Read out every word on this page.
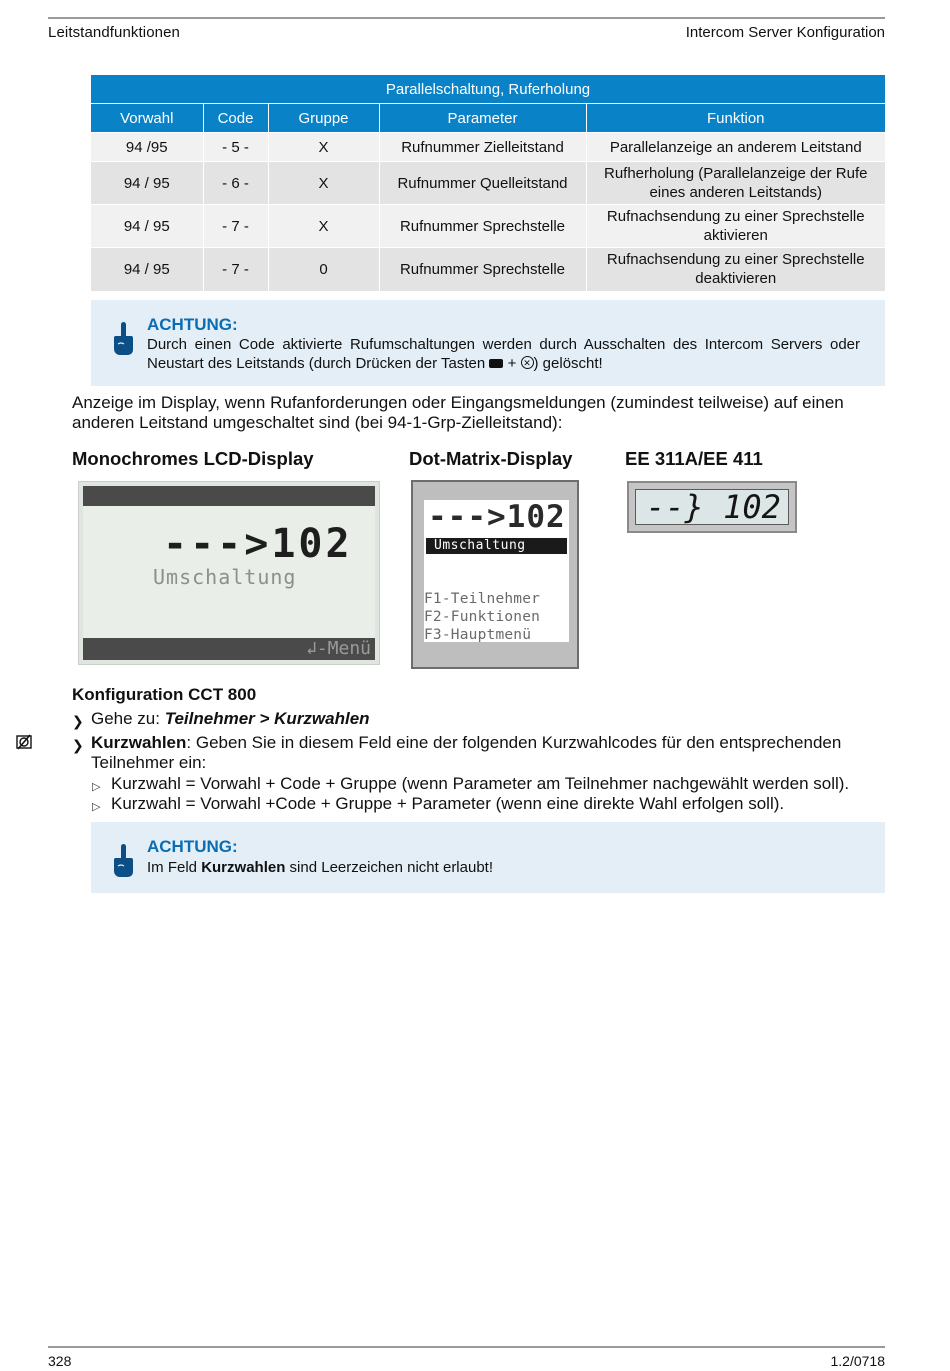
Leitstandfunktionen	Intercom Server Konfiguration
Parallelschaltung, Ruferholung				
Vorwahl	Code	Gruppe	Parameter	Funktion
94 /95	- 5 -	X	Rufnummer Zielleitstand	Parallelanzeige an anderem Leitstand
94 / 95	- 6 -	X	Rufnummer Quelleitstand	Rufherholung (Parallelanzeige der Rufe eines anderen Leitstands)
94 / 95	- 7 -	X	Rufnummer Sprechstelle	Rufnachsendung zu einer Sprechstelle aktivieren
94 / 95	- 7 -	0	Rufnummer Sprechstelle	Rufnachsendung zu einer Sprechstelle deaktivieren
ACHTUNG:
Durch einen Code aktivierte Rufumschaltungen werden durch Ausschalten des Intercom Servers oder Neustart des Leitstands (durch Drücken der Tasten + ✕ ) gelöscht!
Anzeige im Display, wenn Rufanforderungen oder Eingangsmeldungen (zumindest teilweise) auf einen anderen Leitstand umgeschaltet sind (bei 94-1-Grp-Zielleitstand):
Monochromes LCD-Display	Dot-Matrix-Display	EE 311A/EE 411
--->102
Umschaltung
↲-Menü
--->102
Umschaltung
F1-Teilnehmer
F2-Funktionen
F3-Hauptmenü
--} 102
Konfiguration CCT 800
❯ Gehe zu: Teilnehmer > Kurzwahlen
❯ Kurzwahlen: Geben Sie in diesem Feld eine der folgenden Kurzwahlcodes für den entsprechenden Teilnehmer ein:
▷ Kurzwahl = Vorwahl + Code + Gruppe (wenn Parameter am Teilnehmer nachgewählt werden soll).
▷ Kurzwahl = Vorwahl +Code + Gruppe + Parameter (wenn eine direkte Wahl erfolgen soll).
ACHTUNG:
Im Feld Kurzwahlen sind Leerzeichen nicht erlaubt!
328	1.2/0718
